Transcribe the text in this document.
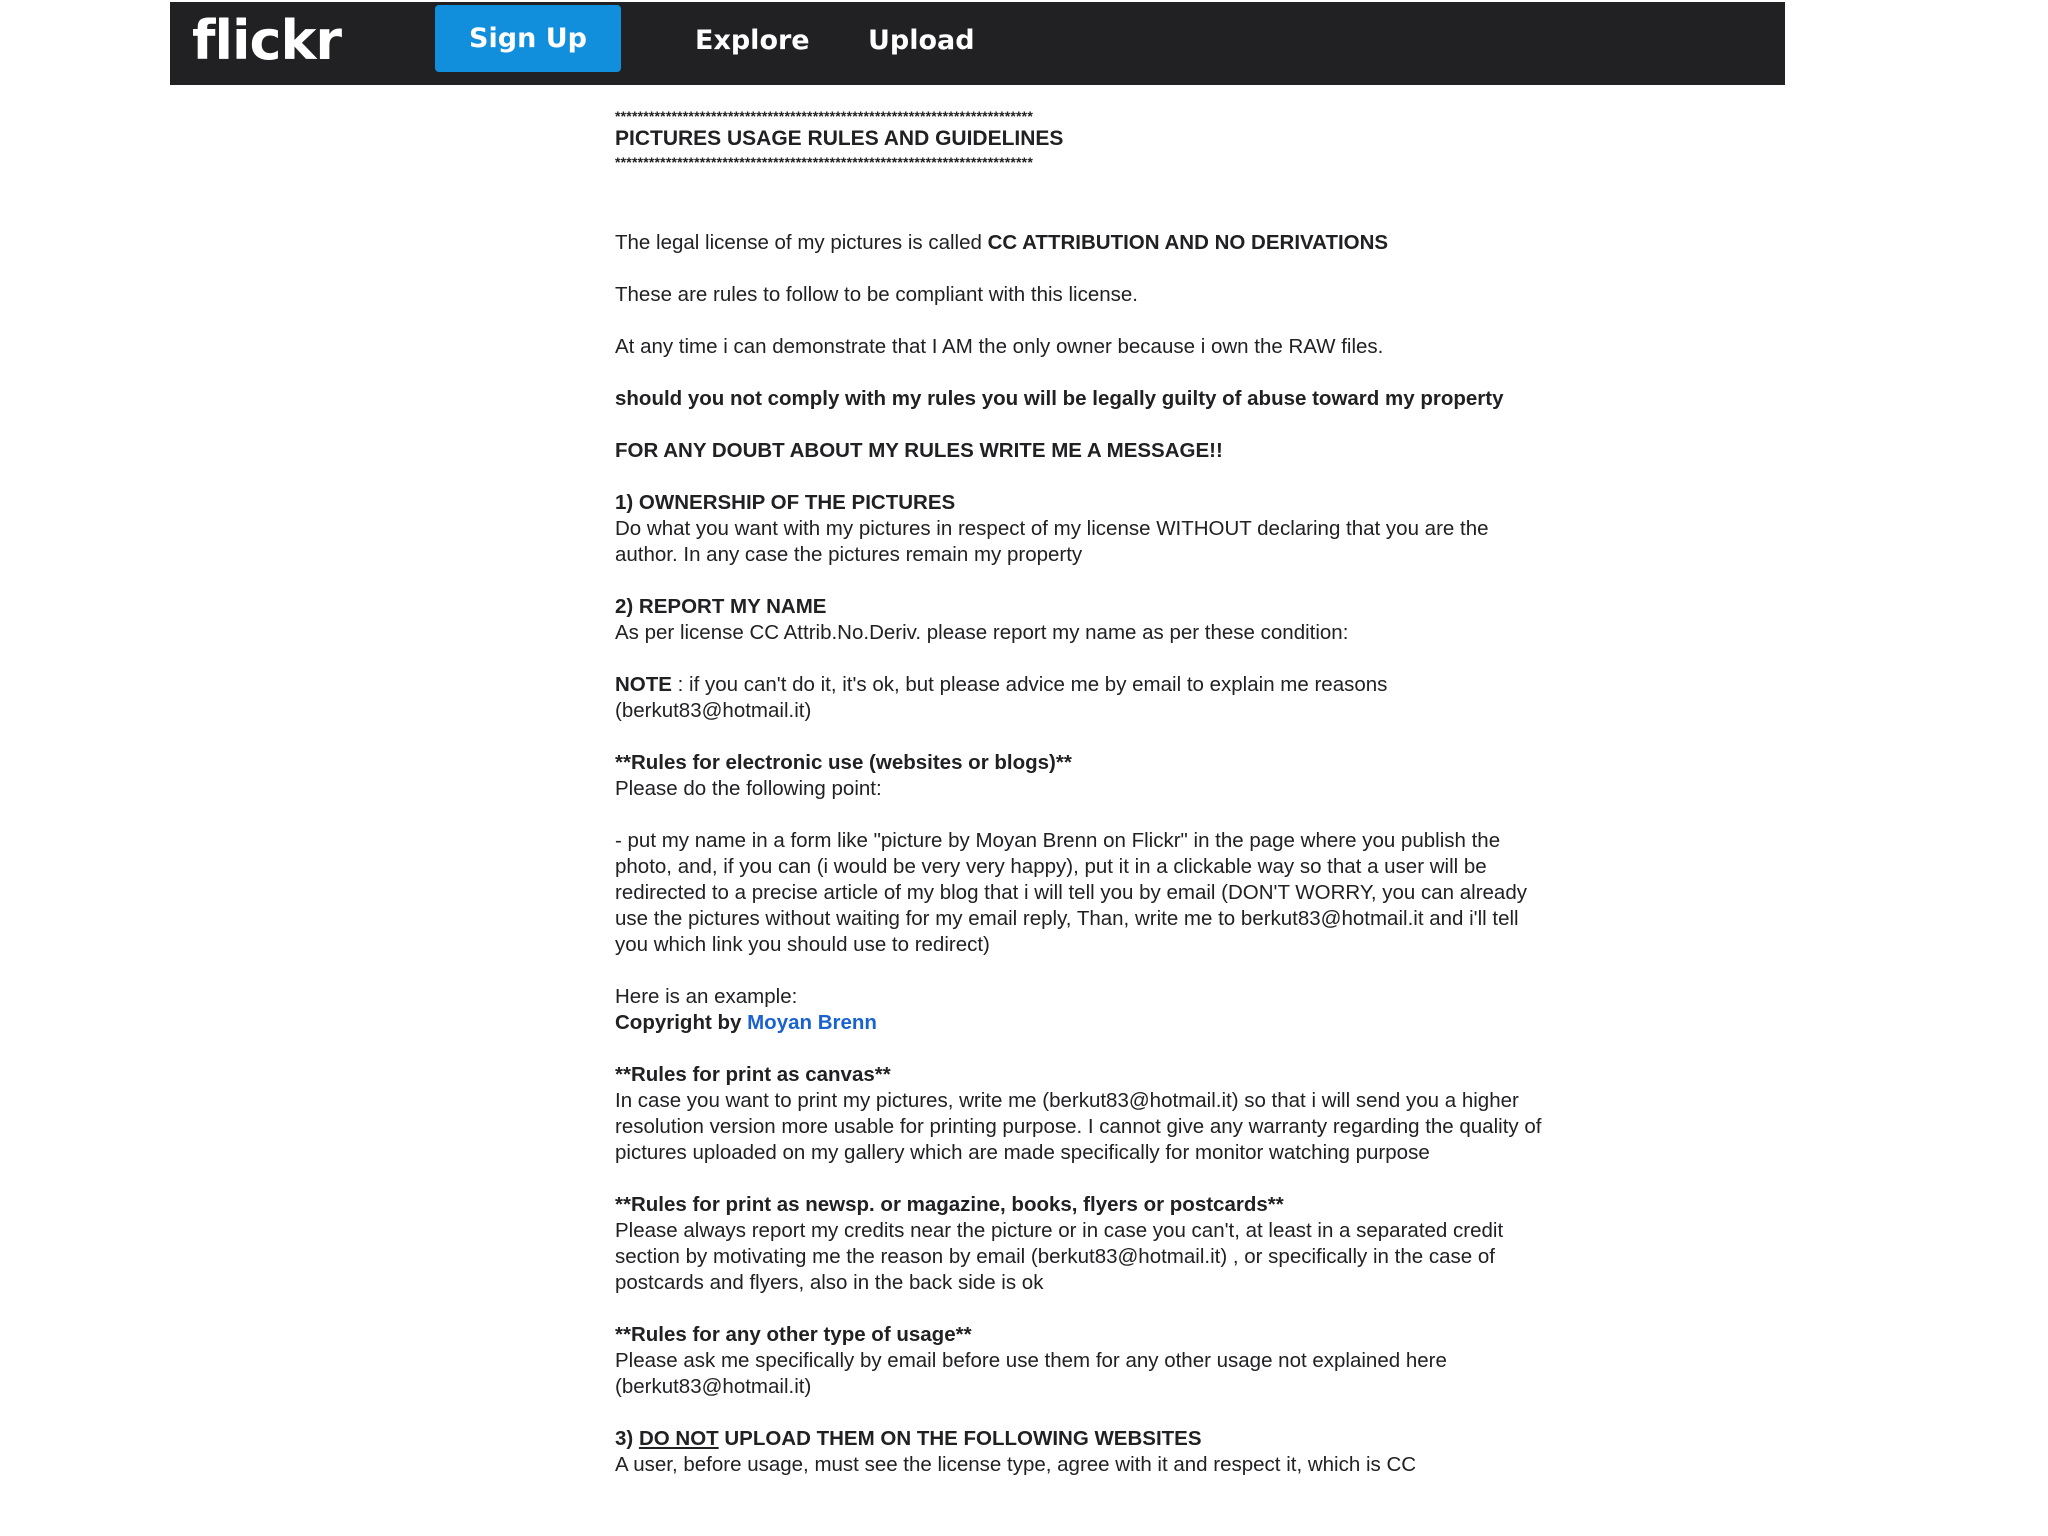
flickr	Sign Up	Explore Upload
**************************************************************************
PICTURES USAGE RULES AND GUIDELINES
**************************************************************************

The legal license of my pictures is called CC ATTRIBUTION AND NO DERIVATIONS

These are rules to follow to be compliant with this license.

At any time i can demonstrate that I AM the only owner because i own the RAW files.

should you not comply with my rules you will be legally guilty of abuse toward my property

FOR ANY DOUBT ABOUT MY RULES WRITE ME A MESSAGE!!

1) OWNERSHIP OF THE PICTURES
Do what you want with my pictures in respect of my license WITHOUT declaring that you are the author. In any case the pictures remain my property

2) REPORT MY NAME
As per license CC Attrib.No.Deriv. please report my name as per these condition:

NOTE : if you can't do it, it's ok, but please advice me by email to explain me reasons (berkut83@hotmail.it)

**Rules for electronic use (websites or blogs)**
Please do the following point:

- put my name in a form like "picture by Moyan Brenn on Flickr" in the page where you publish the photo, and, if you can (i would be very very happy), put it in a clickable way so that a user will be redirected to a precise article of my blog that i will tell you by email (DON'T WORRY, you can already use the pictures without waiting for my email reply, Than, write me to berkut83@hotmail.it and i'll tell you which link you should use to redirect)

Here is an example:
Copyright by Moyan Brenn

**Rules for print as canvas**
In case you want to print my pictures, write me (berkut83@hotmail.it) so that i will send you a higher resolution version more usable for printing purpose. I cannot give any warranty regarding the quality of pictures uploaded on my gallery which are made specifically for monitor watching purpose

**Rules for print as newsp. or magazine, books, flyers or postcards**
Please always report my credits near the picture or in case you can't, at least in a separated credit section by motivating me the reason by email (berkut83@hotmail.it) , or specifically in the case of postcards and flyers, also in the back side is ok

**Rules for any other type of usage**
Please ask me specifically by email before use them for any other usage not explained here (berkut83@hotmail.it)

3) DO NOT UPLOAD THEM ON THE FOLLOWING WEBSITES
A user, before usage, must see the license type, agree with it and respect it, which is CC
